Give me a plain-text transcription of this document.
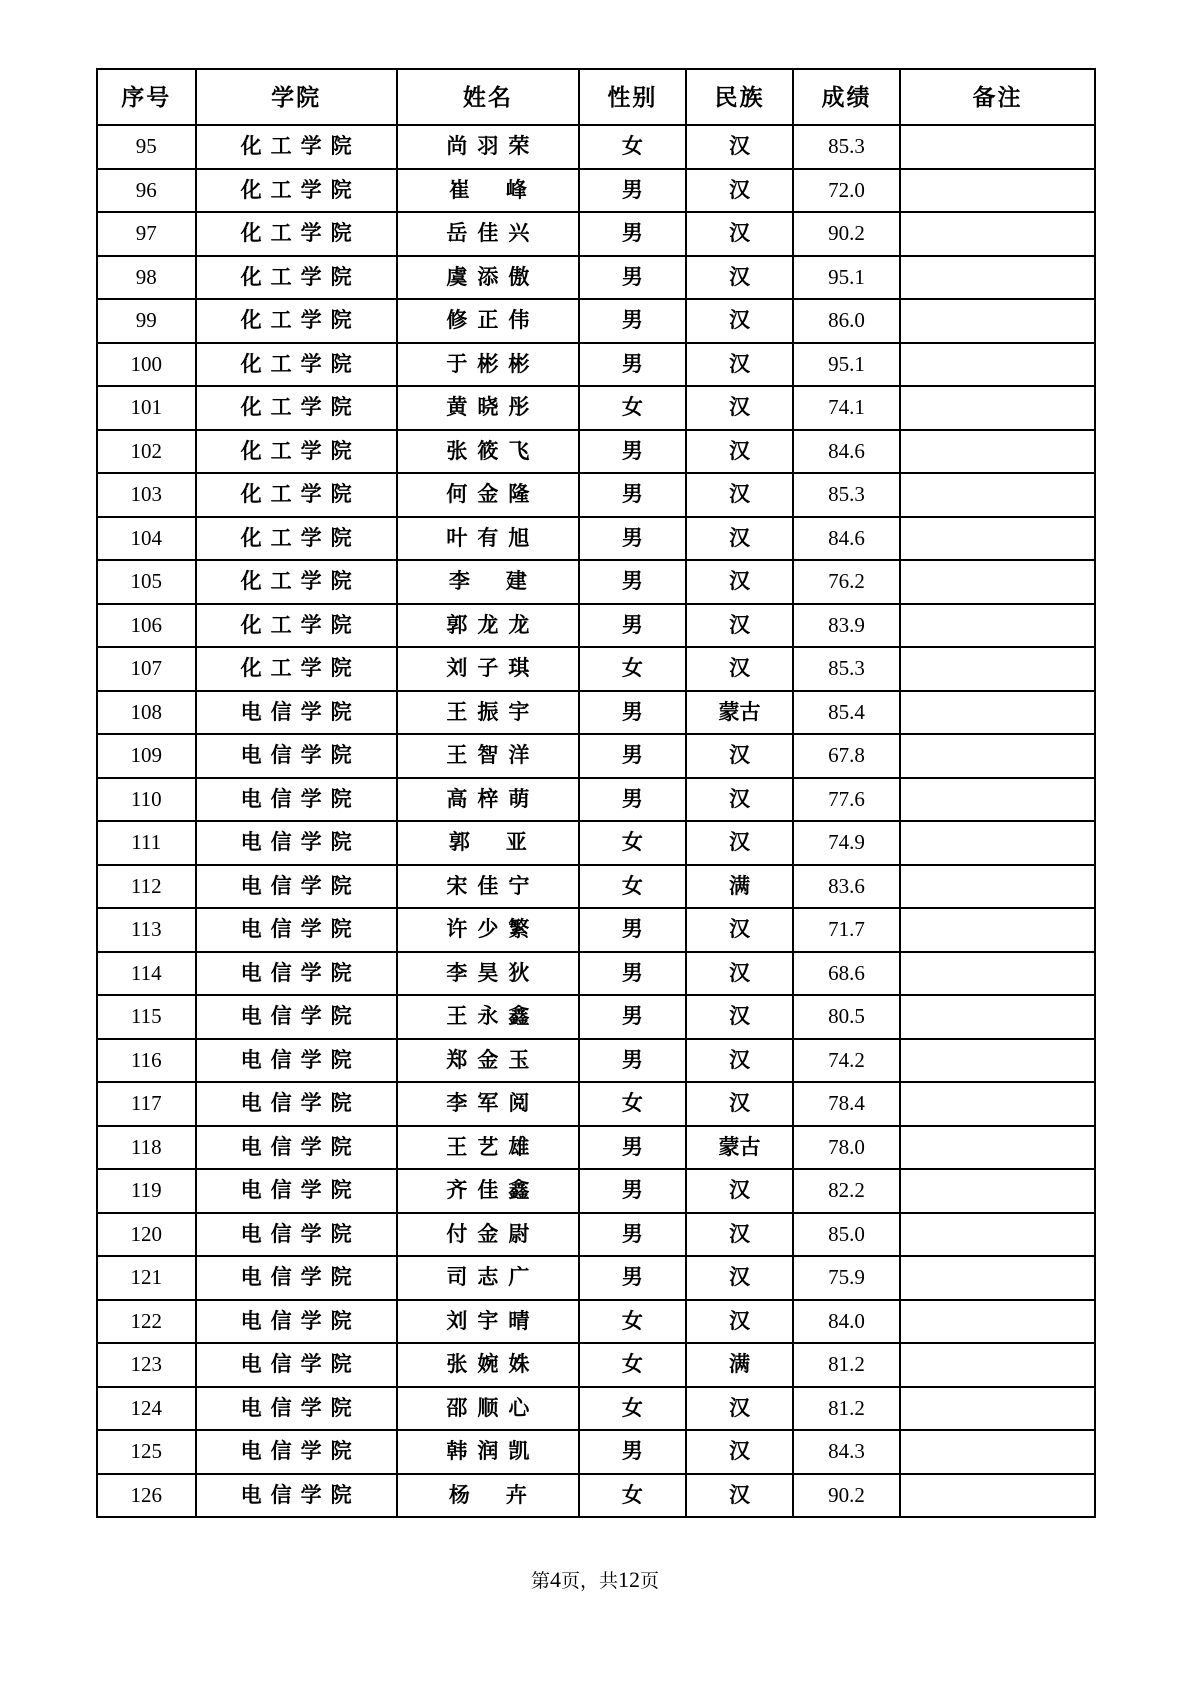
序号	学院	姓名	性别	民族	成绩	备注
95	化工学院	尚羽荣	女	汉	85.3	
96	化工学院	崔峰	男	汉	72.0	
97	化工学院	岳佳兴	男	汉	90.2	
98	化工学院	虞添傲	男	汉	95.1	
99	化工学院	修正伟	男	汉	86.0	
100	化工学院	于彬彬	男	汉	95.1	
101	化工学院	黄晓彤	女	汉	74.1	
102	化工学院	张筱飞	男	汉	84.6	
103	化工学院	何金隆	男	汉	85.3	
104	化工学院	叶有旭	男	汉	84.6	
105	化工学院	李建	男	汉	76.2	
106	化工学院	郭龙龙	男	汉	83.9	
107	化工学院	刘子琪	女	汉	85.3	
108	电信学院	王振宇	男	蒙古	85.4	
109	电信学院	王智洋	男	汉	67.8	
110	电信学院	高梓萌	男	汉	77.6	
111	电信学院	郭亚	女	汉	74.9	
112	电信学院	宋佳宁	女	满	83.6	
113	电信学院	许少繁	男	汉	71.7	
114	电信学院	李昊狄	男	汉	68.6	
115	电信学院	王永鑫	男	汉	80.5	
116	电信学院	郑金玉	男	汉	74.2	
117	电信学院	李军阅	女	汉	78.4	
118	电信学院	王艺雄	男	蒙古	78.0	
119	电信学院	齐佳鑫	男	汉	82.2	
120	电信学院	付金尉	男	汉	85.0	
121	电信学院	司志广	男	汉	75.9	
122	电信学院	刘宇晴	女	汉	84.0	
123	电信学院	张婉姝	女	满	81.2	
124	电信学院	邵顺心	女	汉	81.2	
125	电信学院	韩润凯	男	汉	84.3	
126	电信学院	杨卉	女	汉	90.2	
第4页，共12页
